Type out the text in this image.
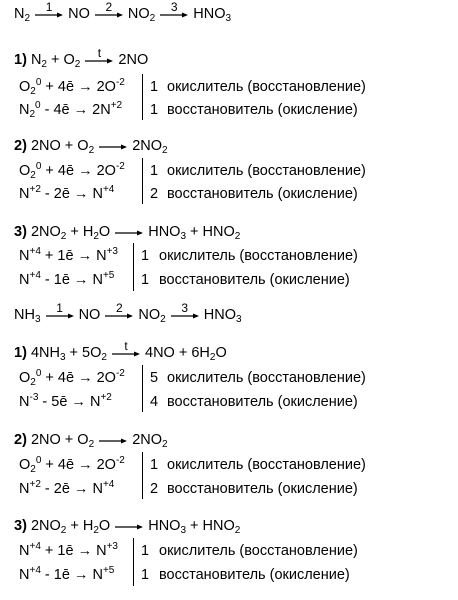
$N_2$
1	NO	2	$NO_2$
3	$HNO_3$
1) $N_2 + O_2$
t	2NO
$O_2^0$ + 4ē → $2O^{-2}$ 1 окислитель (восстановление)
$N_2^0$ - 4ē → $2N^{+2}$ 1 восстановитель (окисление)
2) $2NO + O_2$	$2NO_2$
$O_2^0$ + 4ē → $2O^{-2}$ 1 окислитель (восстановление)
$N^{+2}$ - 2ē → $N^{+4}$ 2 восстановитель (окисление)
3) $2NO_2 + H_2O$	$HNO_3 + HNO_2$
$N^{+4}$ + 1ē → $N^{+3}$ 1 окислитель (восстановление)
$N^{+4}$ - 1ē → $N^{+5}$ 1 восстановитель (окисление)
$NH_3$
1	NO	2	$NO_2$
3	$HNO_3$
1) $4NH_3 + 5O_2$
t	$4NO + 6H_2O$
$O_2^0$ + 4ē → $2O^{-2}$ 5 окислитель (восстановление)
$N^{-3}$ - 5ē → $N^{+2}$	4 восстановитель (окисление)
2) $2NO + O_2$	$2NO_2$
$O_2^0$ + 4ē → $2O^{-2}$ 1 окислитель (восстановление)
$N^{+2}$ - 2ē → $N^{+4}$ 2 восстановитель (окисление)
3) $2NO_2 + H_2O$	$HNO_3 + HNO_2$
$N^{+4}$ + 1ē → $N^{+3}$ 1 окислитель (восстановление)
$N^{+4}$ - 1ē → $N^{+5}$ 1 восстановитель (окисление)
